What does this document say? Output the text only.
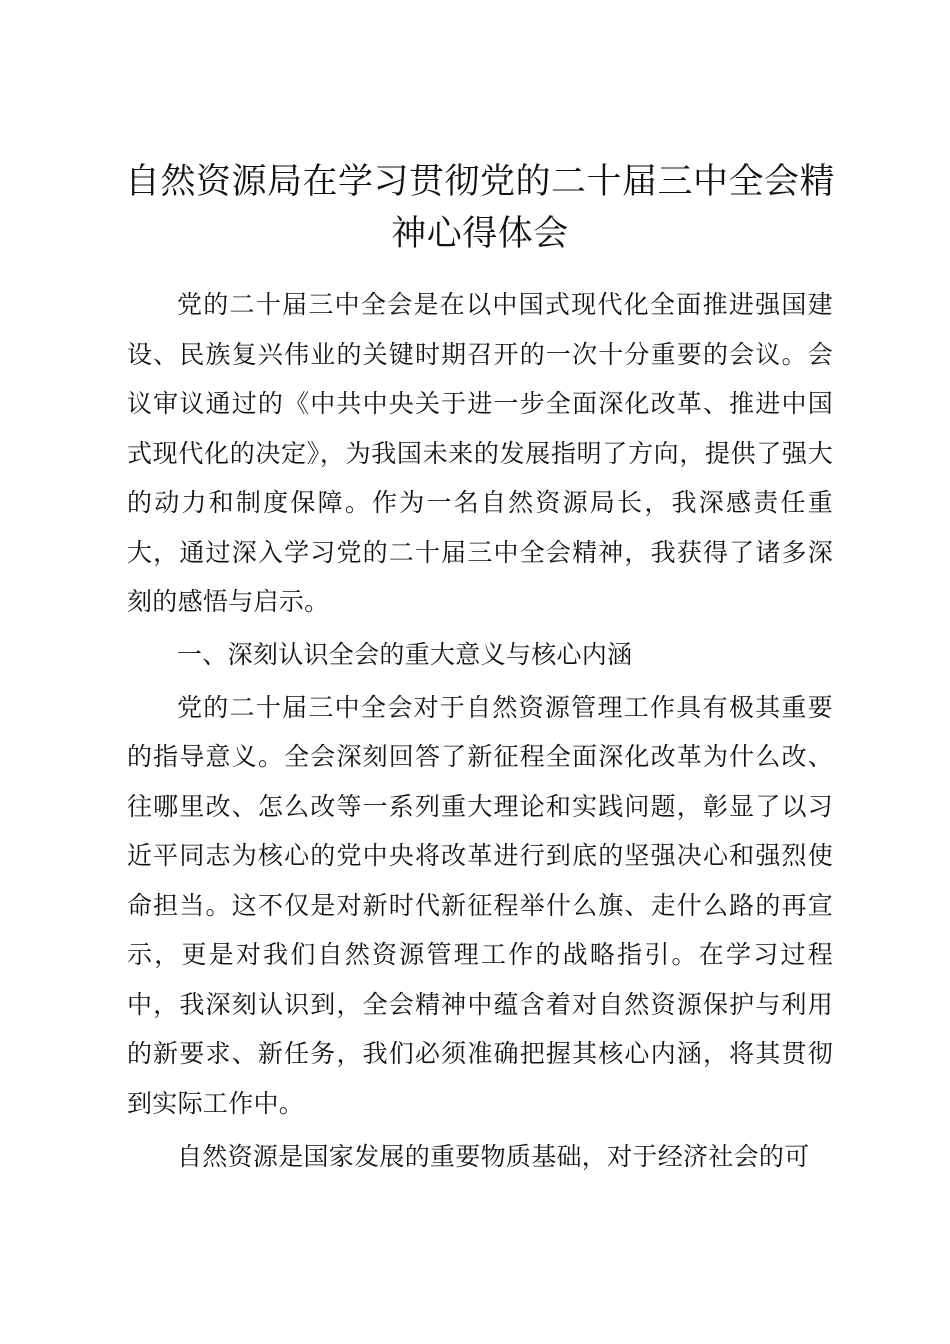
自然资源局在学习贯彻党的二十届三中全会精神心得体会

党的二十届三中全会是在以中国式现代化全面推进强国建设、民族复兴伟业的关键时期召开的一次十分重要的会议。会议审议通过的《中共中央关于进一步全面深化改革、推进中国式现代化的决定》，为我国未来的发展指明了方向，提供了强大的动力和制度保障。作为一名自然资源局长，我深感责任重大，通过深入学习党的二十届三中全会精神，我获得了诸多深刻的感悟与启示。

一、深刻认识全会的重大意义与核心内涵

党的二十届三中全会对于自然资源管理工作具有极其重要的指导意义。全会深刻回答了新征程全面深化改革为什么改、往哪里改、怎么改等一系列重大理论和实践问题，彰显了以习近平同志为核心的党中央将改革进行到底的坚强决心和强烈使命担当。这不仅是对新时代新征程举什么旗、走什么路的再宣示，更是对我们自然资源管理工作的战略指引。在学习过程中，我深刻认识到，全会精神中蕴含着对自然资源保护与利用的新要求、新任务，我们必须准确把握其核心内涵，将其贯彻到实际工作中。

自然资源是国家发展的重要物质基础，对于经济社会的可
